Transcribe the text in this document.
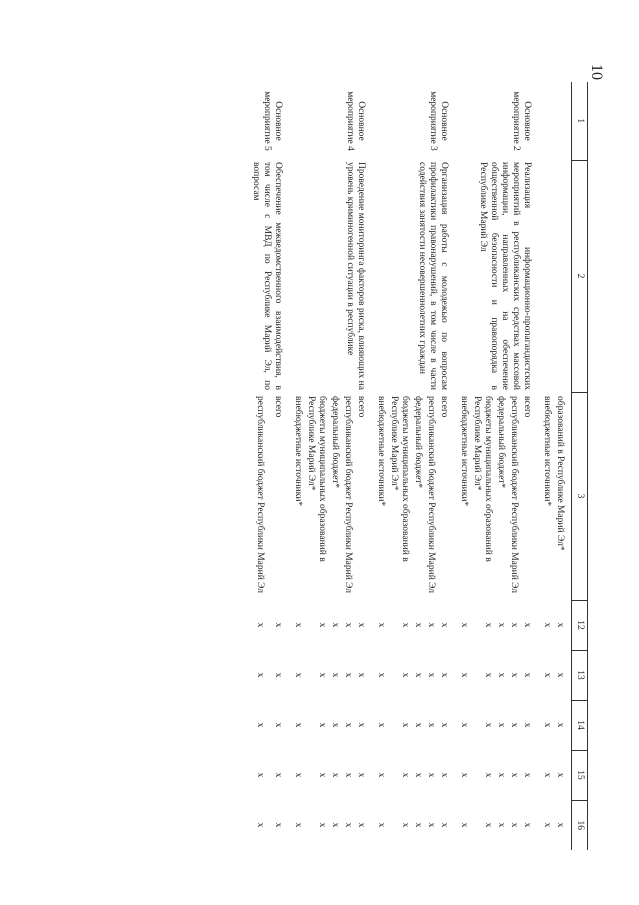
10
1	2	3	12	13	14	15	16
		образований в Республике Марий Эл*	x	x	x	x	x
		внебюджетные источники*	x	x	x	x	x
Основное мероприятие 2	Реализация информационно-пропагандистских мероприятий в республиканских средствах массовой информации, направленных на обеспечение общественной безопасности и правопорядка в Республике Марий Эл	всего	x	x	x	x	x
		республиканский бюджет Республики Марий Эл	x	x	x	x	x
		федеральный бюджет*	x	x	x	x	x
		бюджеты муниципальных образований в Республике Марий Эл*	x	x	x	x	x
		внебюджетные источники*	x	x	x	x	x
Основное мероприятие 3	Организация работы с молодежью по вопросам профилактики правонарушений, в том числе в части содействия занятости несовершеннолетних граждан	всего	x	x	x	x	x
		республиканский бюджет Республики Марий Эл	x	x	x	x	x
		федеральный бюджет*	x	x	x	x	x
		бюджеты муниципальных образований в Республике Марий Эл*	x	x	x	x	x
		внебюджетные источники*	x	x	x	x	x
Основное мероприятие 4	Проведение мониторинга факторов риска, влияющих на уровень криминогенной ситуации в республике	всего	x	x	x	x	x
		республиканский бюджет Республики Марий Эл	x	x	x	x	x
		федеральный бюджет*	x	x	x	x	x
		бюджеты муниципальных образований в Республике Марий Эл*	x	x	x	x	x
		внебюджетные источники*	x	x	x	x	x
Основное мероприятие 5	Обеспечение межведомственного взаимодействия, в том числе с МВД по Республике Марий Эл, по вопросам	всего	x	x	x	x	x
		республиканский бюджет Республики Марий Эл	x	x	x	x	x
